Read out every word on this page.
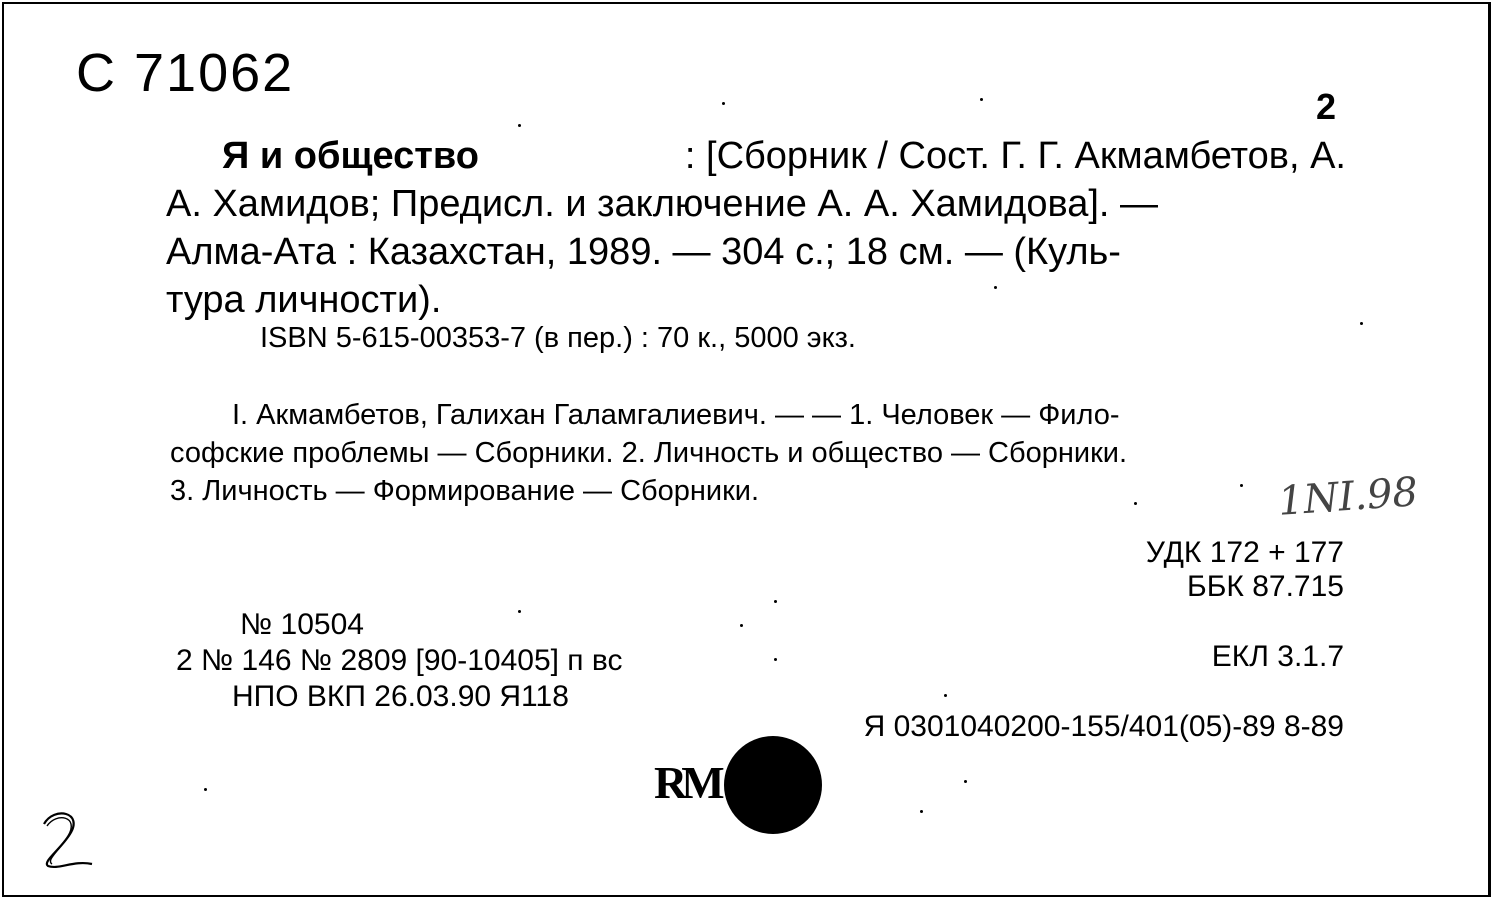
C 71062
2
Я и общество	: [Сборник / Сост. Г. Г. Акмамбетов, А.
А. Хамидов; Предисл. и заключение А. А. Хамидова]. —
Алма-Ата : Казахстан, 1989. — 304 с.; 18 см. — (Куль-
тура личности).
ISBN 5-615-00353-7 (в пер.) : 70 к., 5000 экз.
I. Акмамбетов, Галихан Галамгалиевич. — — 1. Человек — Фило-
софские проблемы — Сборники. 2. Личность и общество — Сборники.
3. Личность — Формирование — Сборники.	1NI.98
УДК 172 + 177
ББК 87.715
ЕКЛ 3.1.7
Я 0301040200-155/401(05)-89 8-89
№ 10504
2 № 146 № 2809 [90-10405] п вс
НПО ВКП 26.03.90 Я118
RM
